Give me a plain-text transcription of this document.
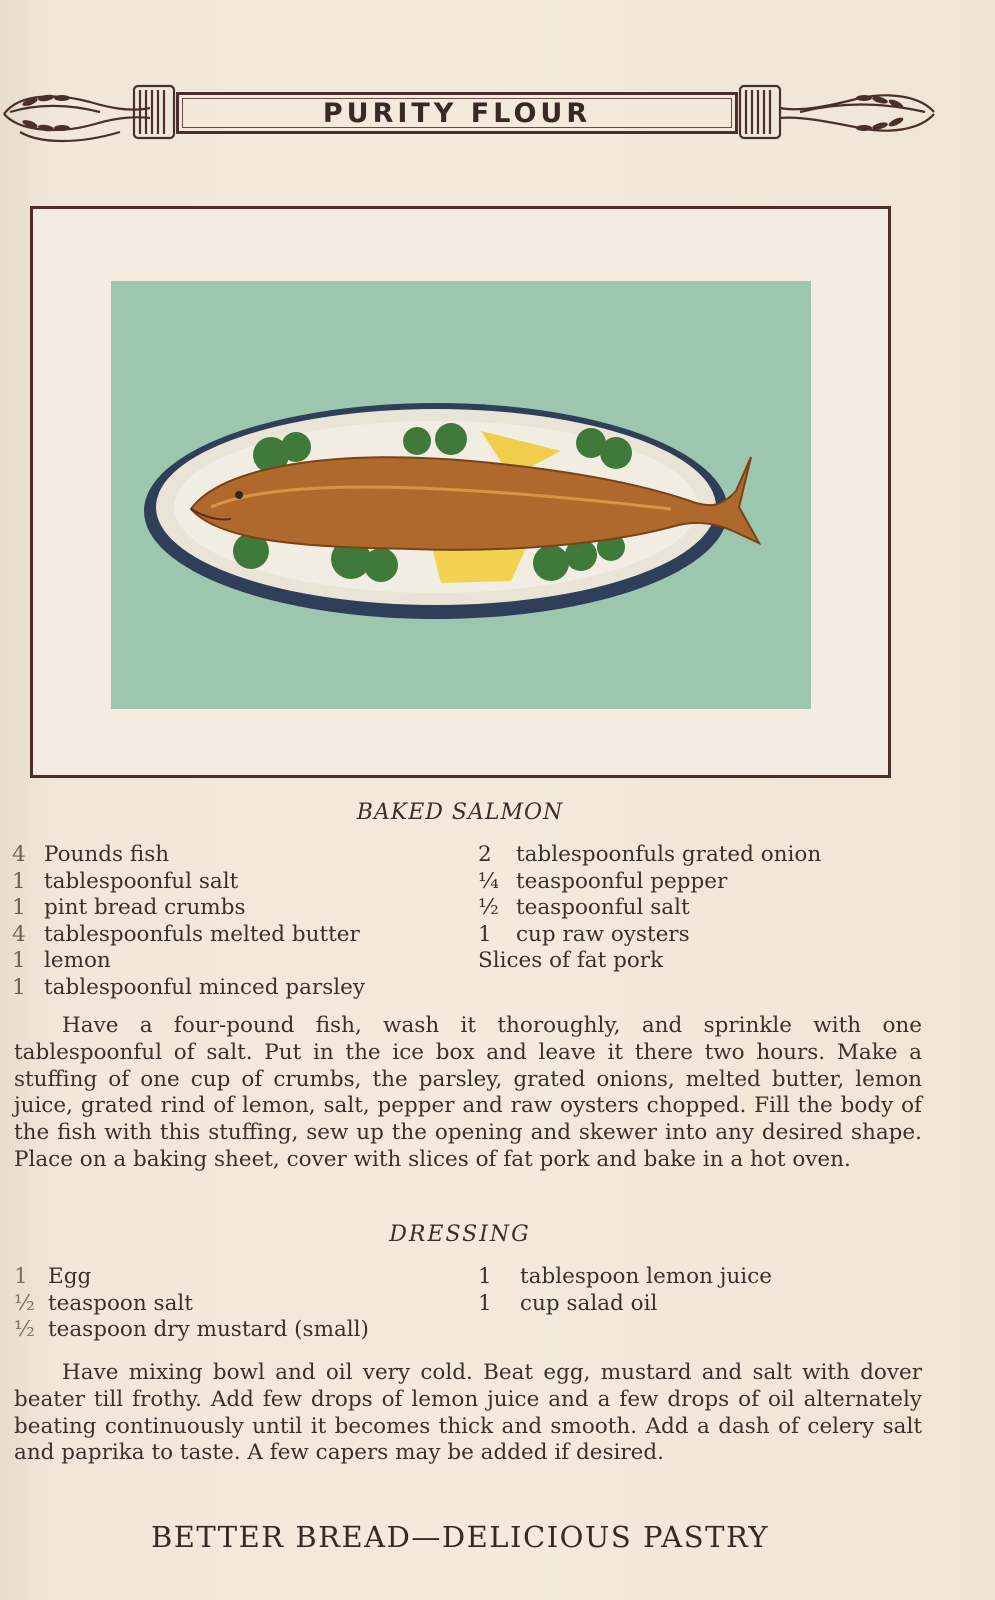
PURITY FLOUR
BAKED SALMON
4 Pounds fish
1 tablespoonful salt
1 pint bread crumbs
4 tablespoonfuls melted butter
1 lemon
1 tablespoonful minced parsley
2	tablespoonfuls grated onion
¼ teaspoonful pepper
½ teaspoonful salt
1	cup raw oysters
Slices of fat pork
Have a four-pound fish, wash it thoroughly, and sprinkle with one tablespoonful of salt. Put in the ice box and leave it there two hours. Make a stuffing of one cup of crumbs, the parsley, grated onions, melted butter, lemon juice, grated rind of lemon, salt, pepper and raw oysters chopped. Fill the body of the fish with this stuffing, sew up the opening and skewer into any desired shape. Place on a baking sheet, cover with slices of fat pork and bake in a hot oven.
DRESSING
1 Egg
½ teaspoon salt
½ teaspoon dry mustard (small)
1	tablespoon lemon juice
1	cup salad oil
Have mixing bowl and oil very cold. Beat egg, mustard and salt with dover beater till frothy. Add few drops of lemon juice and a few drops of oil alternately beating continuously until it becomes thick and smooth. Add a dash of celery salt and paprika to taste. A few capers may be added if desired.
BETTER BREAD—DELICIOUS PASTRY
